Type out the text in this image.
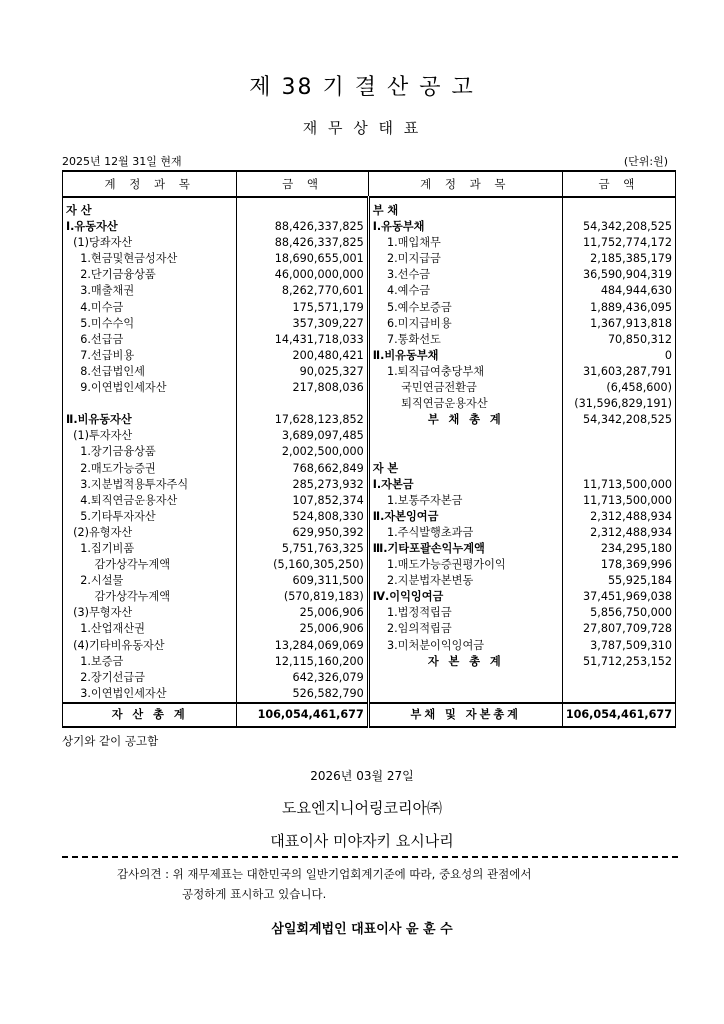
제 38 기 결 산 공 고
재 무 상 태 표
2025년 12월 31일 현재	(단위:원)
계 정 과 목	금 액	계 정 과 목	금 액
자 산		부 채	
Ⅰ.유동자산	88,426,337,825	Ⅰ.유동부채	54,342,208,525
(1)당좌자산	88,426,337,825	1.매입채무	11,752,774,172
1.현금및현금성자산	18,690,655,001	2.미지급금	2,185,385,179
2.단기금융상품	46,000,000,000	3.선수금	36,590,904,319
3.매출채권	8,262,770,601	4.예수금	484,944,630
4.미수금	175,571,179	5.예수보증금	1,889,436,095
5.미수수익	357,309,227	6.미지급비용	1,367,913,818
6.선급금	14,431,718,033	7.통화선도	70,850,312
7.선급비용	200,480,421	Ⅱ.비유동부채	0
8.선급법인세	90,025,327	1.퇴직급여충당부채	31,603,287,791
9.이연법인세자산	217,808,036	국민연금전환금	(6,458,600)
		퇴직연금운용자산	(31,596,829,191)
Ⅱ.비유동자산	17,628,123,852	부 채 총 계	54,342,208,525
(1)투자자산	3,689,097,485		
1.장기금융상품	2,002,500,000		
2.매도가능증권	768,662,849	자 본	
3.지분법적용투자주식	285,273,932	Ⅰ.자본금	11,713,500,000
4.퇴직연금운용자산	107,852,374	1.보통주자본금	11,713,500,000
5.기타투자자산	524,808,330	Ⅱ.자본잉여금	2,312,488,934
(2)유형자산	629,950,392	1.주식발행초과금	2,312,488,934
1.집기비품	5,751,763,325	Ⅲ.기타포괄손익누계액	234,295,180
감가상각누계액	(5,160,305,250)	1.매도가능증권평가이익	178,369,996
2.시설물	609,311,500	2.지분법자본변동	55,925,184
감가상각누계액	(570,819,183)	Ⅳ.이익잉여금	37,451,969,038
(3)무형자산	25,006,906	1.법정적립금	5,856,750,000
1.산업재산권	25,006,906	2.임의적립금	27,807,709,728
(4)기타비유동자산	13,284,069,069	3.미처분이익잉여금	3,787,509,310
1.보증금	12,115,160,200	자 본 총 계	51,712,253,152
2.장기선급금	642,326,079		
3.이연법인세자산	526,582,790		
자 산 총 계	106,054,461,677	부채 및 자본총계	106,054,461,677
상기와 같이 공고함
2026년 03월 27일
도요엔지니어링코리아㈜
대표이사 미야자키 요시나리
감사의견 : 위 재무제표는 대한민국의 일반기업회계기준에 따라, 중요성의 관점에서
공정하게 표시하고 있습니다.
삼일회계법인 대표이사 윤 훈 수
